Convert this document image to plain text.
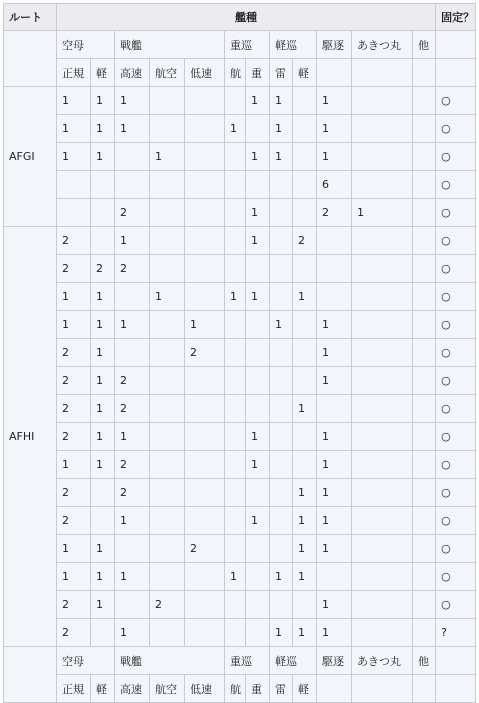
ルート	艦種												固定？
	空母		戦艦			重巡		軽巡		駆逐	あきつ丸	他	
	正規	軽	高速	航空	低速	航	重	雷	軽				
AFGI	1	1	1				1	1		1			○
	1	1	1			1		1		1			○
	1	1		1			1	1		1			○
										6			○
			2				1			2	1		○
AFHI	2		1				1		2				○
	2	2	2										○
	1	1		1		1	1		1				○
	1	1	1		1			1		1			○
	2	1			2					1			○
	2	1	2							1			○
	2	1	2						1				○
	2	1	1				1			1			○
	1	1	2				1			1			○
	2		2						1	1			○
	2		1				1		1	1			○
	1	1			2				1	1			○
	1	1	1			1		1	1				○
	2	1		2						1			○
	2		1					1	1	1			?
	空母		戦艦			重巡		軽巡		駆逐	あきつ丸	他	
	正規	軽	高速	航空	低速	航	重	雷	軽				
